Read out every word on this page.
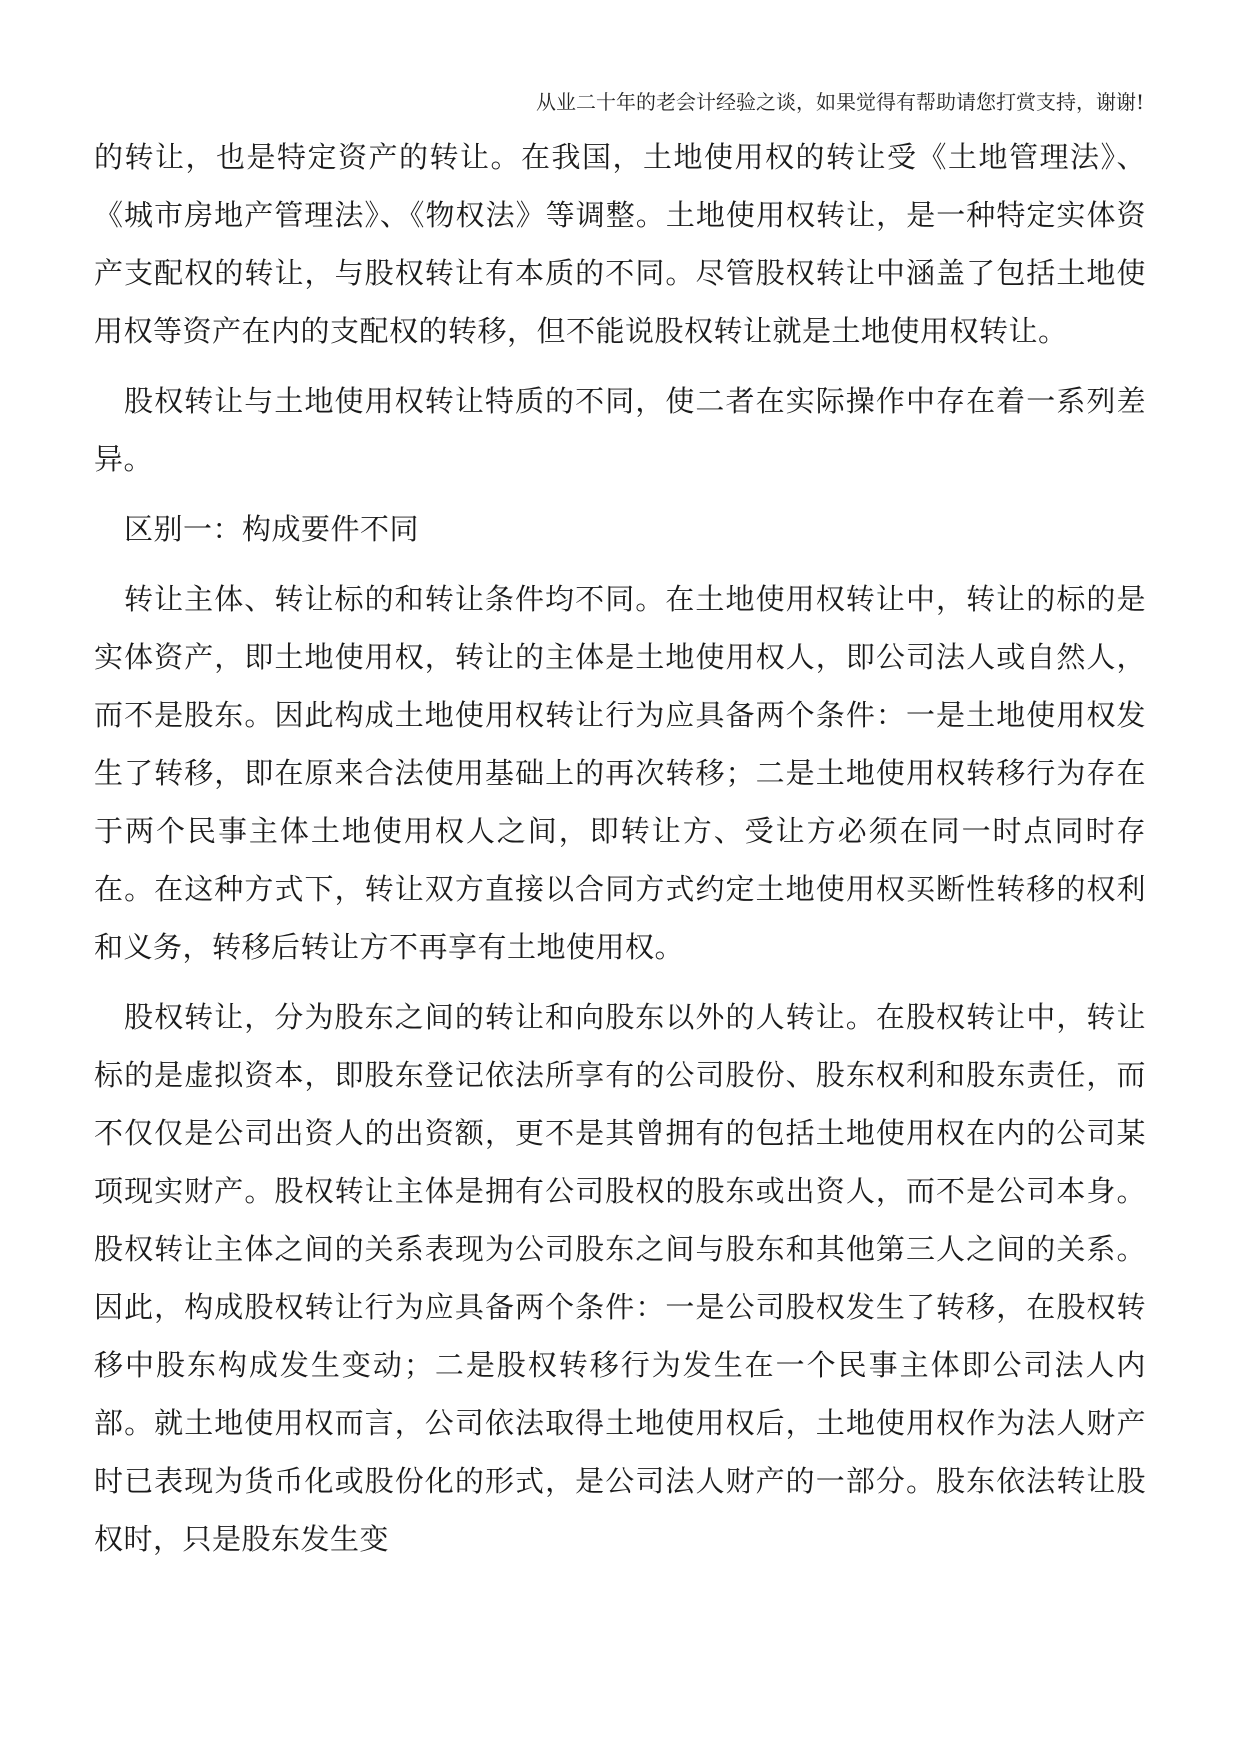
从业二十年的老会计经验之谈，如果觉得有帮助请您打赏支持，谢谢!

的转让，也是特定资产的转让。在我国，土地使用权的转让受《土地管理法》、《城市房地产管理法》、《物权法》等调整。土地使用权转让，是一种特定实体资产支配权的转让，与股权转让有本质的不同。尽管股权转让中涵盖了包括土地使用权等资产在内的支配权的转移，但不能说股权转让就是土地使用权转让。

股权转让与土地使用权转让特质的不同，使二者在实际操作中存在着一系列差异。

区别一：构成要件不同

转让主体、转让标的和转让条件均不同。在土地使用权转让中，转让的标的是实体资产，即土地使用权，转让的主体是土地使用权人，即公司法人或自然人，而不是股东。因此构成土地使用权转让行为应具备两个条件：一是土地使用权发生了转移，即在原来合法使用基础上的再次转移；二是土地使用权转移行为存在于两个民事主体土地使用权人之间，即转让方、受让方必须在同一时点同时存在。在这种方式下，转让双方直接以合同方式约定土地使用权买断性转移的权利和义务，转移后转让方不再享有土地使用权。

股权转让，分为股东之间的转让和向股东以外的人转让。在股权转让中，转让标的是虚拟资本，即股东登记依法所享有的公司股份、股东权利和股东责任，而不仅仅是公司出资人的出资额，更不是其曾拥有的包括土地使用权在内的公司某项现实财产。股权转让主体是拥有公司股权的股东或出资人，而不是公司本身。股权转让主体之间的关系表现为公司股东之间与股东和其他第三人之间的关系。因此，构成股权转让行为应具备两个条件：一是公司股权发生了转移，在股权转移中股东构成发生变动；二是股权转移行为发生在一个民事主体即公司法人内部。就土地使用权而言，公司依法取得土地使用权后，土地使用权作为法人财产时已表现为货币化或股份化的形式，是公司法人财产的一部分。股东依法转让股权时，只是股东发生变
